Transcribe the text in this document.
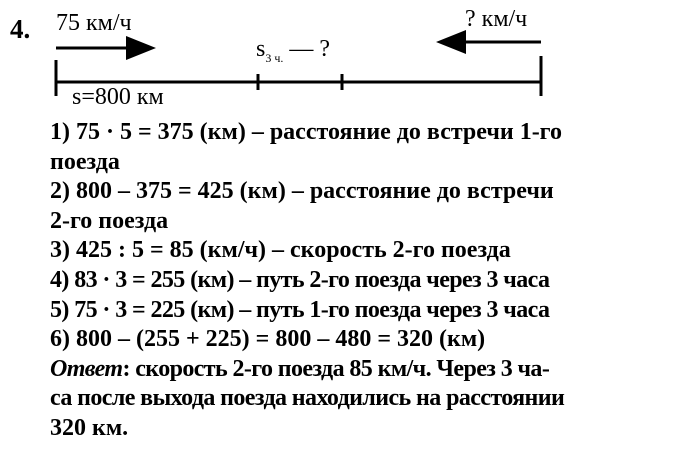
4. 75 км/ч	? км/ч
$s_{3 ч.}$ — ?
s=800 км
1) 75 · 5 = 375 (км) – расстояние до встречи 1-го
поезда
2) 800 – 375 = 425 (км) – расстояние до встречи
2-го поезда
3) 425 : 5 = 85 (км/ч) – скорость 2-го поезда
4) 83 · 3 = 255 (км) – путь 2-го поезда через 3 часа
5) 75 · 3 = 225 (км) – путь 1-го поезда через 3 часа
6) 800 – (255 + 225) = 800 – 480 = 320 (км)
Ответ: скорость 2-го поезда 85 км/ч. Через 3 ча-
са после выхода поезда находились на расстоянии
320 км.
